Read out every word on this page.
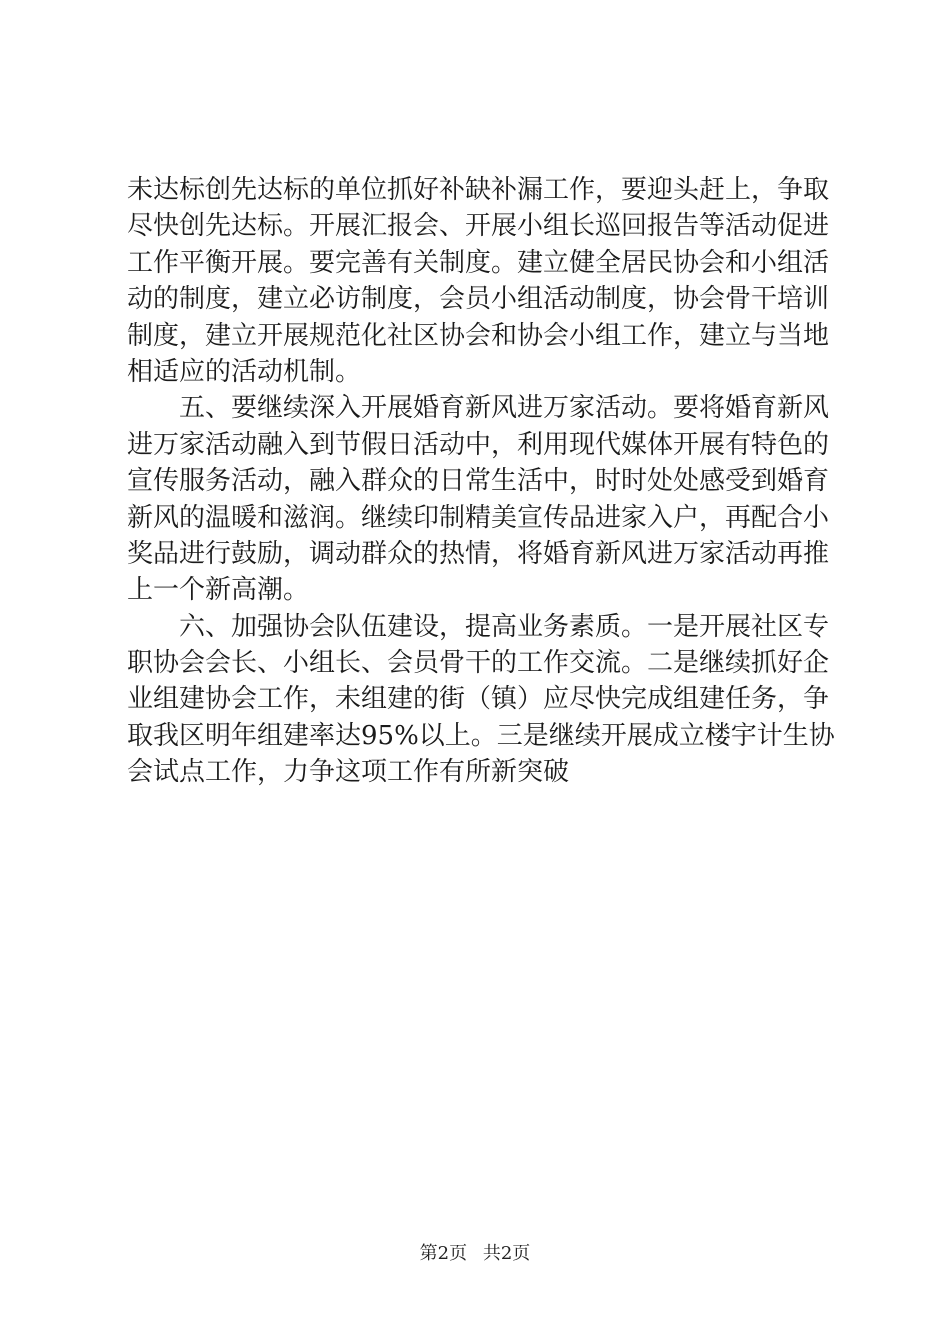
未达标创先达标的单位抓好补缺补漏工作，要迎头赶上，争取
尽快创先达标。开展汇报会、开展小组长巡回报告等活动促进
工作平衡开展。要完善有关制度。建立健全居民协会和小组活
动的制度，建立必访制度，会员小组活动制度，协会骨干培训
制度，建立开展规范化社区协会和协会小组工作，建立与当地
相适应的活动机制。
　　五、要继续深入开展婚育新风进万家活动。要将婚育新风
进万家活动融入到节假日活动中，利用现代媒体开展有特色的
宣传服务活动，融入群众的日常生活中，时时处处感受到婚育
新风的温暖和滋润。继续印制精美宣传品进家入户，再配合小
奖品进行鼓励，调动群众的热情，将婚育新风进万家活动再推
上一个新高潮。
　　六、加强协会队伍建设，提高业务素质。一是开展社区专
职协会会长、小组长、会员骨干的工作交流。二是继续抓好企
业组建协会工作，未组建的街（镇）应尽快完成组建任务，争
取我区明年组建率达95%以上。三是继续开展成立楼宇计生协
会试点工作，力争这项工作有所新突破
第2页 共2页
